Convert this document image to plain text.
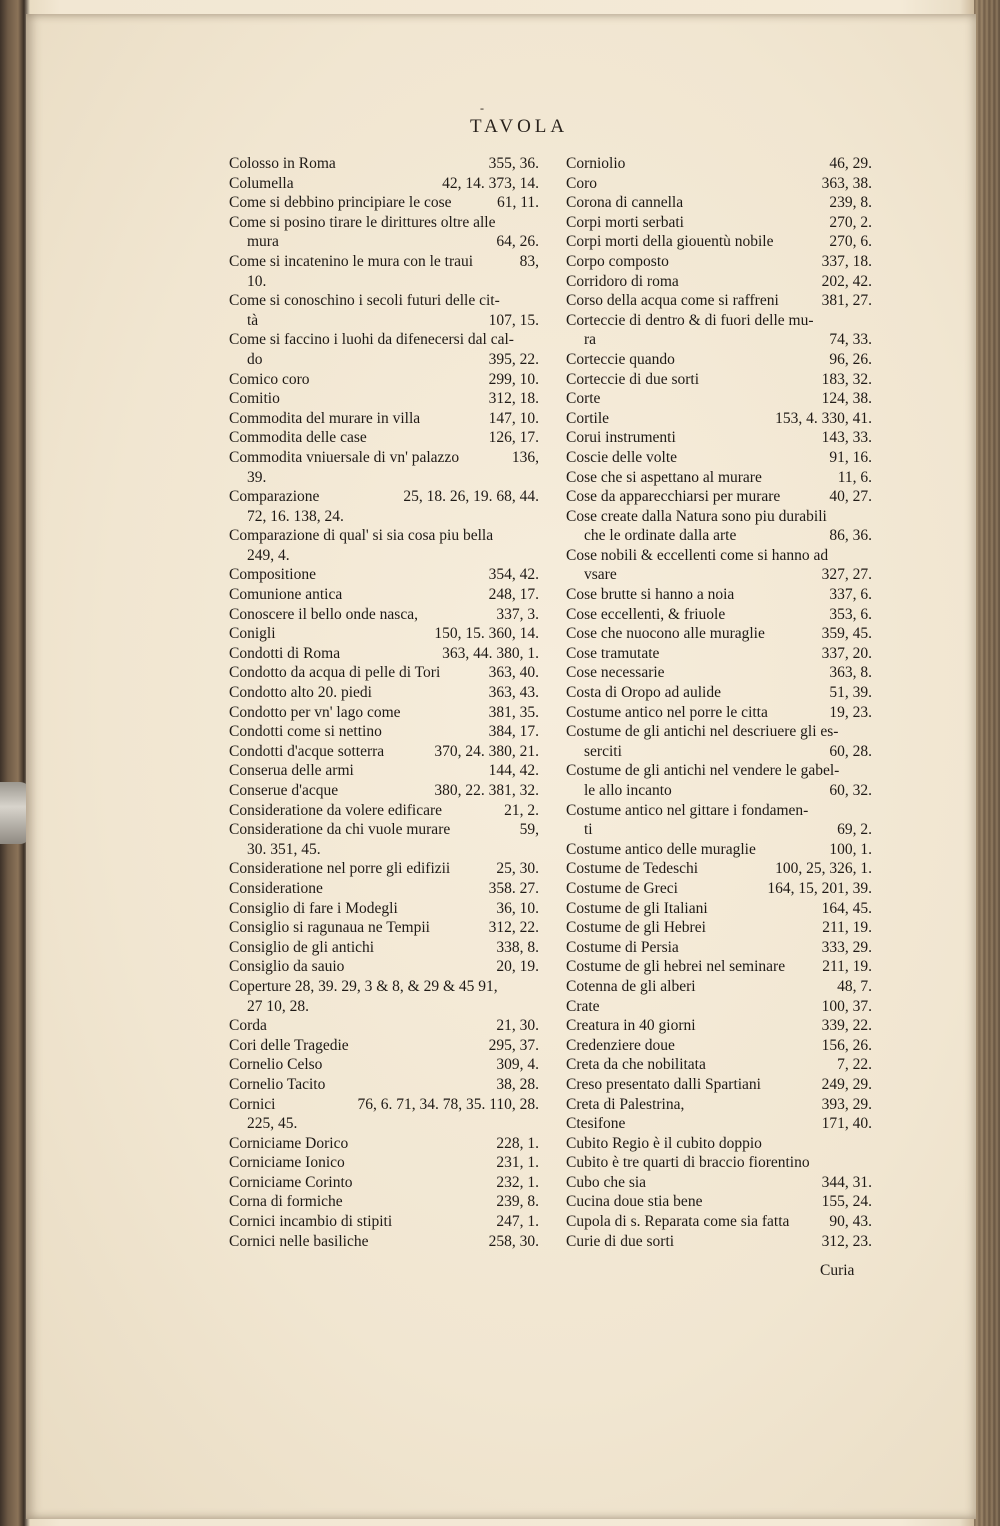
-
TAVOLA
Colosso in Roma	355, 36.
Columella	42, 14. 373, 14.
Come si debbino principiare le cose	61, 11.
Come si posino tirare le dirittures oltre alle
mura	64, 26.
Come si incatenino le mura con le traui	83,
10.
Come si conoschino i secoli futuri delle cit-
tà	107, 15.
Come si faccino i luohi da difenecersi dal cal-
do	395, 22.
Comico coro	299, 10.
Comitio	312, 18.
Commodita del murare in villa	147, 10.
Commodita delle case	126, 17.
Commodita vniuersale di vn' palazzo	136,
39.
Comparazione	25, 18. 26, 19. 68, 44.
72, 16. 138, 24.
Comparazione di qual' si sia cosa piu bella
249, 4.
Compositione	354, 42.
Comunione antica	248, 17.
Conoscere il bello onde nasca,	337, 3.
Conigli	150, 15. 360, 14.
Condotti di Roma	363, 44. 380, 1.
Condotto da acqua di pelle di Tori	363, 40.
Condotto alto 20. piedi	363, 43.
Condotto per vn' lago come	381, 35.
Condotti come si nettino	384, 17.
Condotti d'acque sotterra	370, 24. 380, 21.
Conserua delle armi	144, 42.
Conserue d'acque	380, 22. 381, 32.
Consideratione da volere edificare	21, 2.
Consideratione da chi vuole murare	59,
30. 351, 45.
Consideratione nel porre gli edifizii	25, 30.
Consideratione	358. 27.
Consiglio di fare i Modegli	36, 10.
Consiglio si ragunaua ne Tempii	312, 22.
Consiglio de gli antichi	338, 8.
Consiglio da sauio	20, 19.
Coperture 28, 39. 29, 3 & 8, & 29 & 45 91,
27 10, 28.
Corda	21, 30.
Cori delle Tragedie	295, 37.
Cornelio Celso	309, 4.
Cornelio Tacito	38, 28.
Cornici	76, 6. 71, 34. 78, 35. 110, 28.
225, 45.
Corniciame Dorico	228, 1.
Corniciame Ionico	231, 1.
Corniciame Corinto	232, 1.
Corna di formiche	239, 8.
Cornici incambio di stipiti	247, 1.
Cornici nelle basiliche	258, 30.
Corniolio	46, 29.
Coro	363, 38.
Corona di cannella	239, 8.
Corpi morti serbati	270, 2.
Corpi morti della giouentù nobile	270, 6.
Corpo composto	337, 18.
Corridoro di roma	202, 42.
Corso della acqua come si raffreni	381, 27.
Corteccie di dentro & di fuori delle mu-
ra	74, 33.
Corteccie quando	96, 26.
Corteccie di due sorti	183, 32.
Corte	124, 38.
Cortile	153, 4. 330, 41.
Corui instrumenti	143, 33.
Coscie delle volte	91, 16.
Cose che si aspettano al murare	11, 6.
Cose da apparecchiarsi per murare	40, 27.
Cose create dalla Natura sono piu durabili
che le ordinate dalla arte	86, 36.
Cose nobili & eccellenti come si hanno ad
vsare	327, 27.
Cose brutte si hanno a noia	337, 6.
Cose eccellenti, & friuole	353, 6.
Cose che nuocono alle muraglie	359, 45.
Cose tramutate	337, 20.
Cose necessarie	363, 8.
Costa di Oropo ad aulide	51, 39.
Costume antico nel porre le citta	19, 23.
Costume de gli antichi nel descriuere gli es-
serciti	60, 28.
Costume de gli antichi nel vendere le gabel-
le allo incanto	60, 32.
Costume antico nel gittare i fondamen-
ti	69, 2.
Costume antico delle muraglie	100, 1.
Costume de Tedeschi	100, 25, 326, 1.
Costume de Greci	164, 15, 201, 39.
Costume de gli Italiani	164, 45.
Costume de gli Hebrei	211, 19.
Costume di Persia	333, 29.
Costume de gli hebrei nel seminare 211, 19.
Cotenna de gli alberi	48, 7.
Crate	100, 37.
Creatura in 40 giorni	339, 22.
Credenziere doue	156, 26.
Creta da che nobilitata	7, 22.
Creso presentato dalli Spartiani	249, 29.
Creta di Palestrina,	393, 29.
Ctesifone	171, 40.
Cubito Regio è il cubito doppio
Cubito è tre quarti di braccio fiorentino
Cubo che sia	344, 31.
Cucina doue stia bene	155, 24.
Cupola di s. Reparata come sia fatta	90, 43.
Curie di due sorti	312, 23.
Curia
